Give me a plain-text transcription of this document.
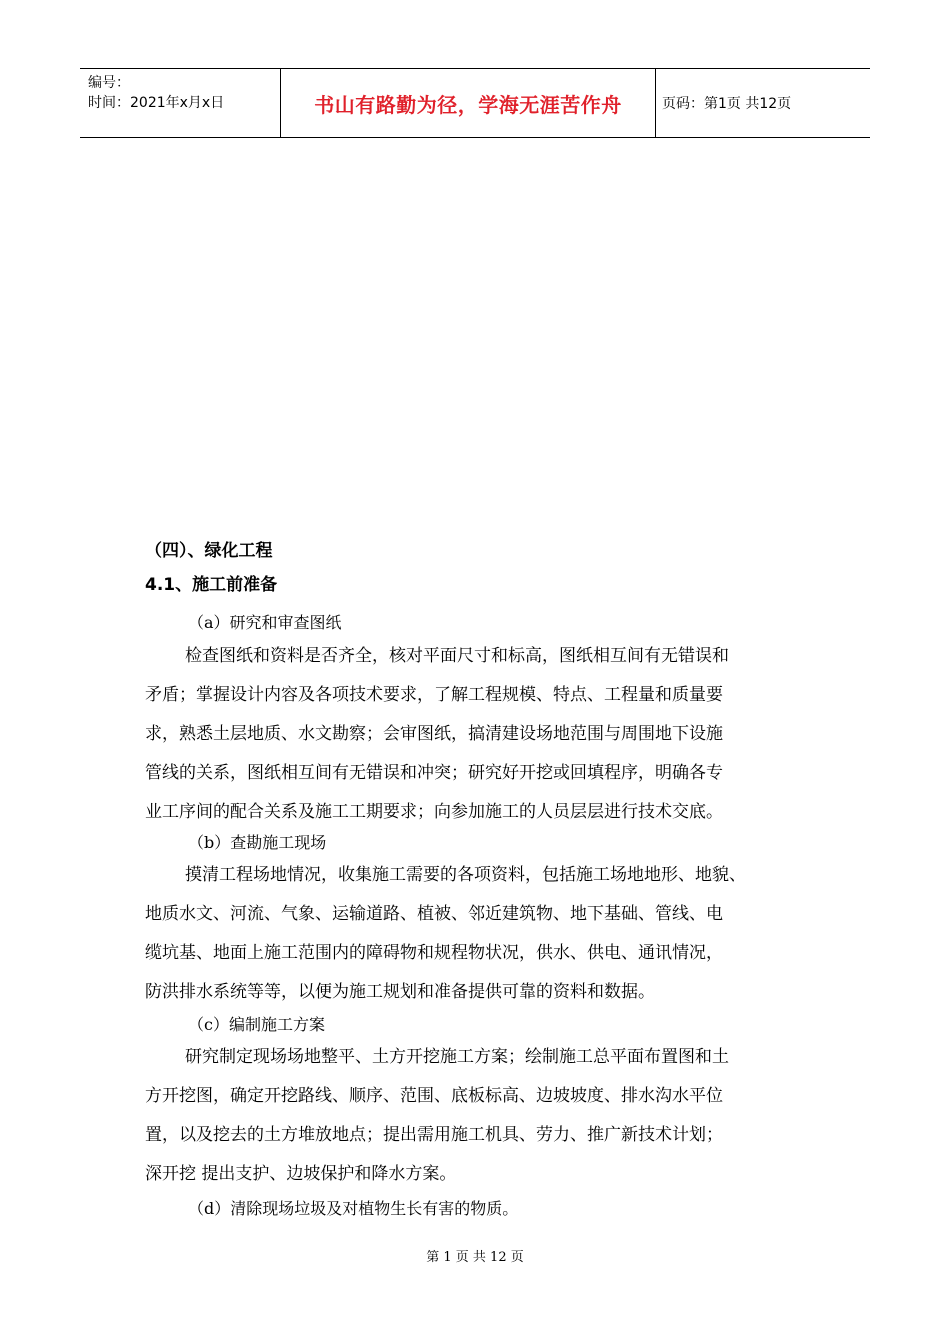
编号：
时间：2021年x月x日	书山有路勤为径，学海无涯苦作舟	页码：第1页 共12页
（四）、绿化工程
4.1、施工前准备
（a）研究和审查图纸
检查图纸和资料是否齐全，核对平面尺寸和标高，图纸相互间有无错误和
矛盾；掌握设计内容及各项技术要求，了解工程规模、特点、工程量和质量要
求，熟悉土层地质、水文勘察；会审图纸，搞清建设场地范围与周围地下设施
管线的关系，图纸相互间有无错误和冲突；研究好开挖或回填程序，明确各专
业工序间的配合关系及施工工期要求；向参加施工的人员层层进行技术交底。
（b）查勘施工现场
摸清工程场地情况，收集施工需要的各项资料，包括施工场地地形、地貌、
地质水文、河流、气象、运输道路、植被、邻近建筑物、地下基础、管线、电
缆坑基、地面上施工范围内的障碍物和规程物状况，供水、供电、通讯情况，
防洪排水系统等等，以便为施工规划和准备提供可靠的资料和数据。
（c）编制施工方案
研究制定现场场地整平、土方开挖施工方案；绘制施工总平面布置图和土
方开挖图，确定开挖路线、顺序、范围、底板标高、边坡坡度、排水沟水平位
置，以及挖去的土方堆放地点；提出需用施工机具、劳力、推广新技术计划；
深开挖 提出支护、边坡保护和降水方案。
（d）清除现场垃圾及对植物生长有害的物质。
第 1 页 共 12 页
